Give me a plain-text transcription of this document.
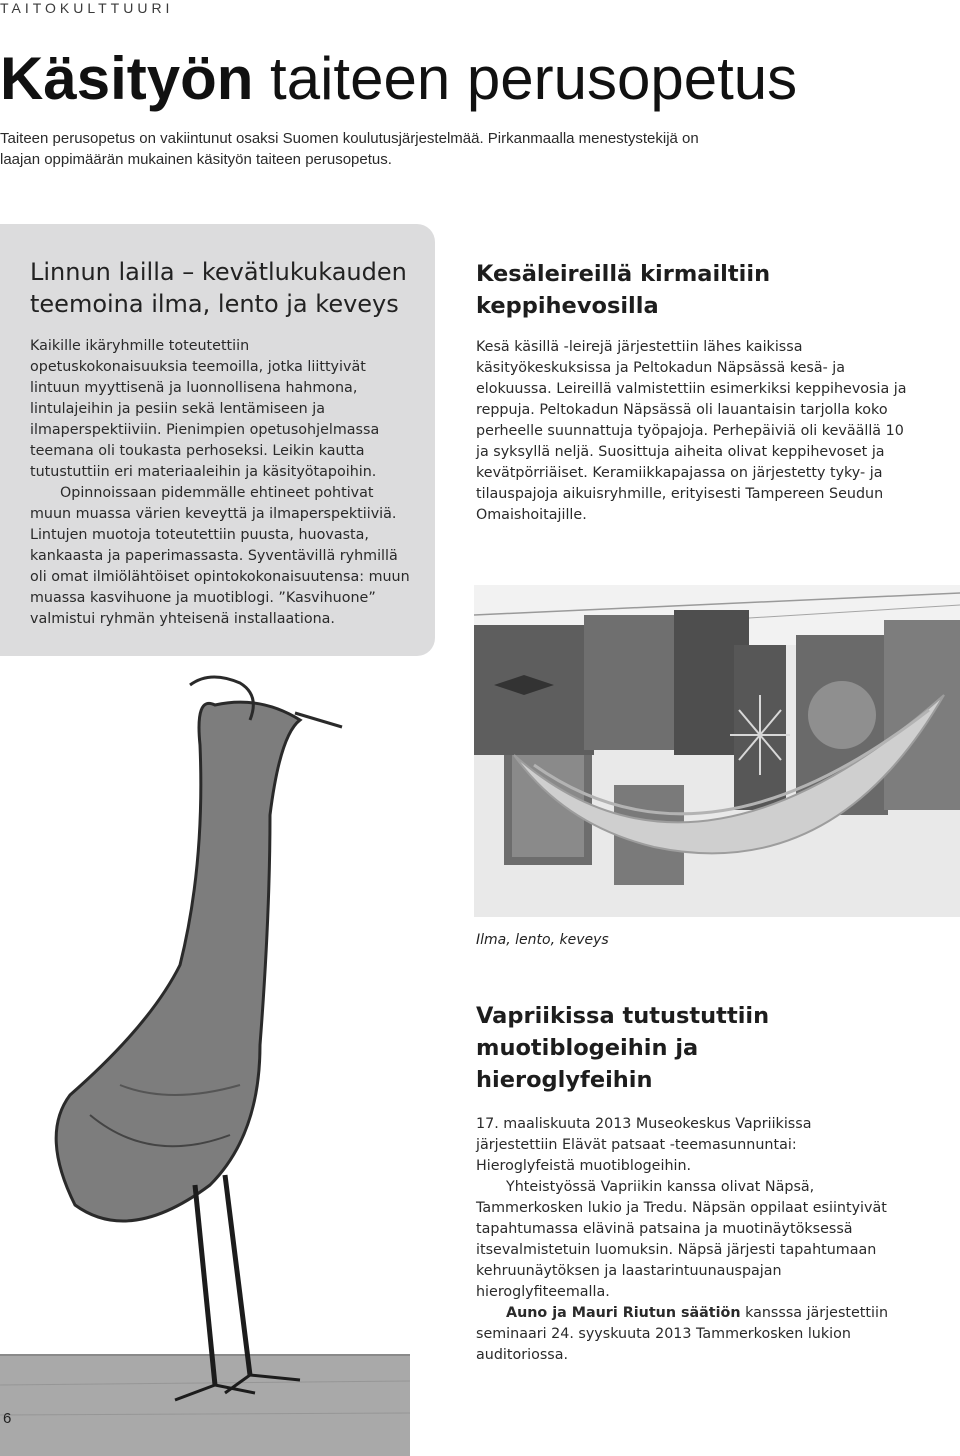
TAITOKULTTUURI
Käsityön taiteen perusopetus
Taiteen perusopetus on vakiintunut osaksi Suomen koulutusjärjestelmää. Pirkanmaalla menestystekijä on laajan oppimäärän mukainen käsityön taiteen perusopetus.
Linnun lailla – kevätlukukauden teemoina ilma, lento ja keveys

Kaikille ikäryhmille toteutettiin opetuskokonaisuuksia teemoilla, jotka liittyivät lintuun myyttisenä ja luonnollisena hahmona, lintulajeihin ja pesiin sekä lentämiseen ja ilmaperspektiiviin. Pienimpien opetusohjelmassa teemana oli toukasta perhoseksi. Leikin kautta tutustuttiin eri materiaaleihin ja käsityötapoihin.

Opinnoissaan pidemmälle ehtineet pohtivat muun muassa värien keveyttä ja ilmaperspektiiviä. Lintujen muotoja toteutettiin puusta, huovasta, kankaasta ja paperimassasta. Syventävillä ryhmillä oli omat ilmiölähtöiset opintokokonaisuutensa: muun muassa kasvihuone ja muotiblogi. ”Kasvihuone” valmistui ryhmän yhteisenä installaationa.

Kesäleireillä kirmailtiin keppihevosilla
Kesä käsillä -leirejä järjestettiin lähes kaikissa käsityökeskuksissa ja Peltokadun Näpsässä kesä- ja elokuussa. Leireillä valmistettiin esimerkiksi keppihevosia ja reppuja. Peltokadun Näpsässä oli lauantaisin tarjolla koko perheelle suunnattuja työpajoja. Perhepäiviä oli keväällä 10 ja syksyllä neljä. Suosittuja aiheita olivat keppihevoset ja kevätpörriäiset. Keramiikkapajassa on järjestetty tyky- ja tilauspajoja aikuisryhmille, erityisesti Tampereen Seudun Omaishoitajille.
Ilma, lento, keveys
Vapriikissa tutustuttiin muotiblogeihin ja hieroglyfeihin

17. maaliskuuta 2013 Museokeskus Vapriikissa järjestettiin Elävät patsaat -teemasunnuntai: Hieroglyfeistä muotiblogeihin.

Yhteistyössä Vapriikin kanssa olivat Näpsä, Tammerkosken lukio ja Tredu. Näpsän oppilaat esiintyivät tapahtumassa elävinä patsaina ja muotinäytöksessä itsevalmistetuin luomuksin. Näpsä järjesti tapahtumaan kehruunäytöksen ja laastarintuunauspajan hieroglyfiteemalla.

Auno ja Mauri Riutun säätiön kansssa järjestettiin seminaari 24. syyskuuta 2013 Tammerkosken lukion auditoriossa.

6
